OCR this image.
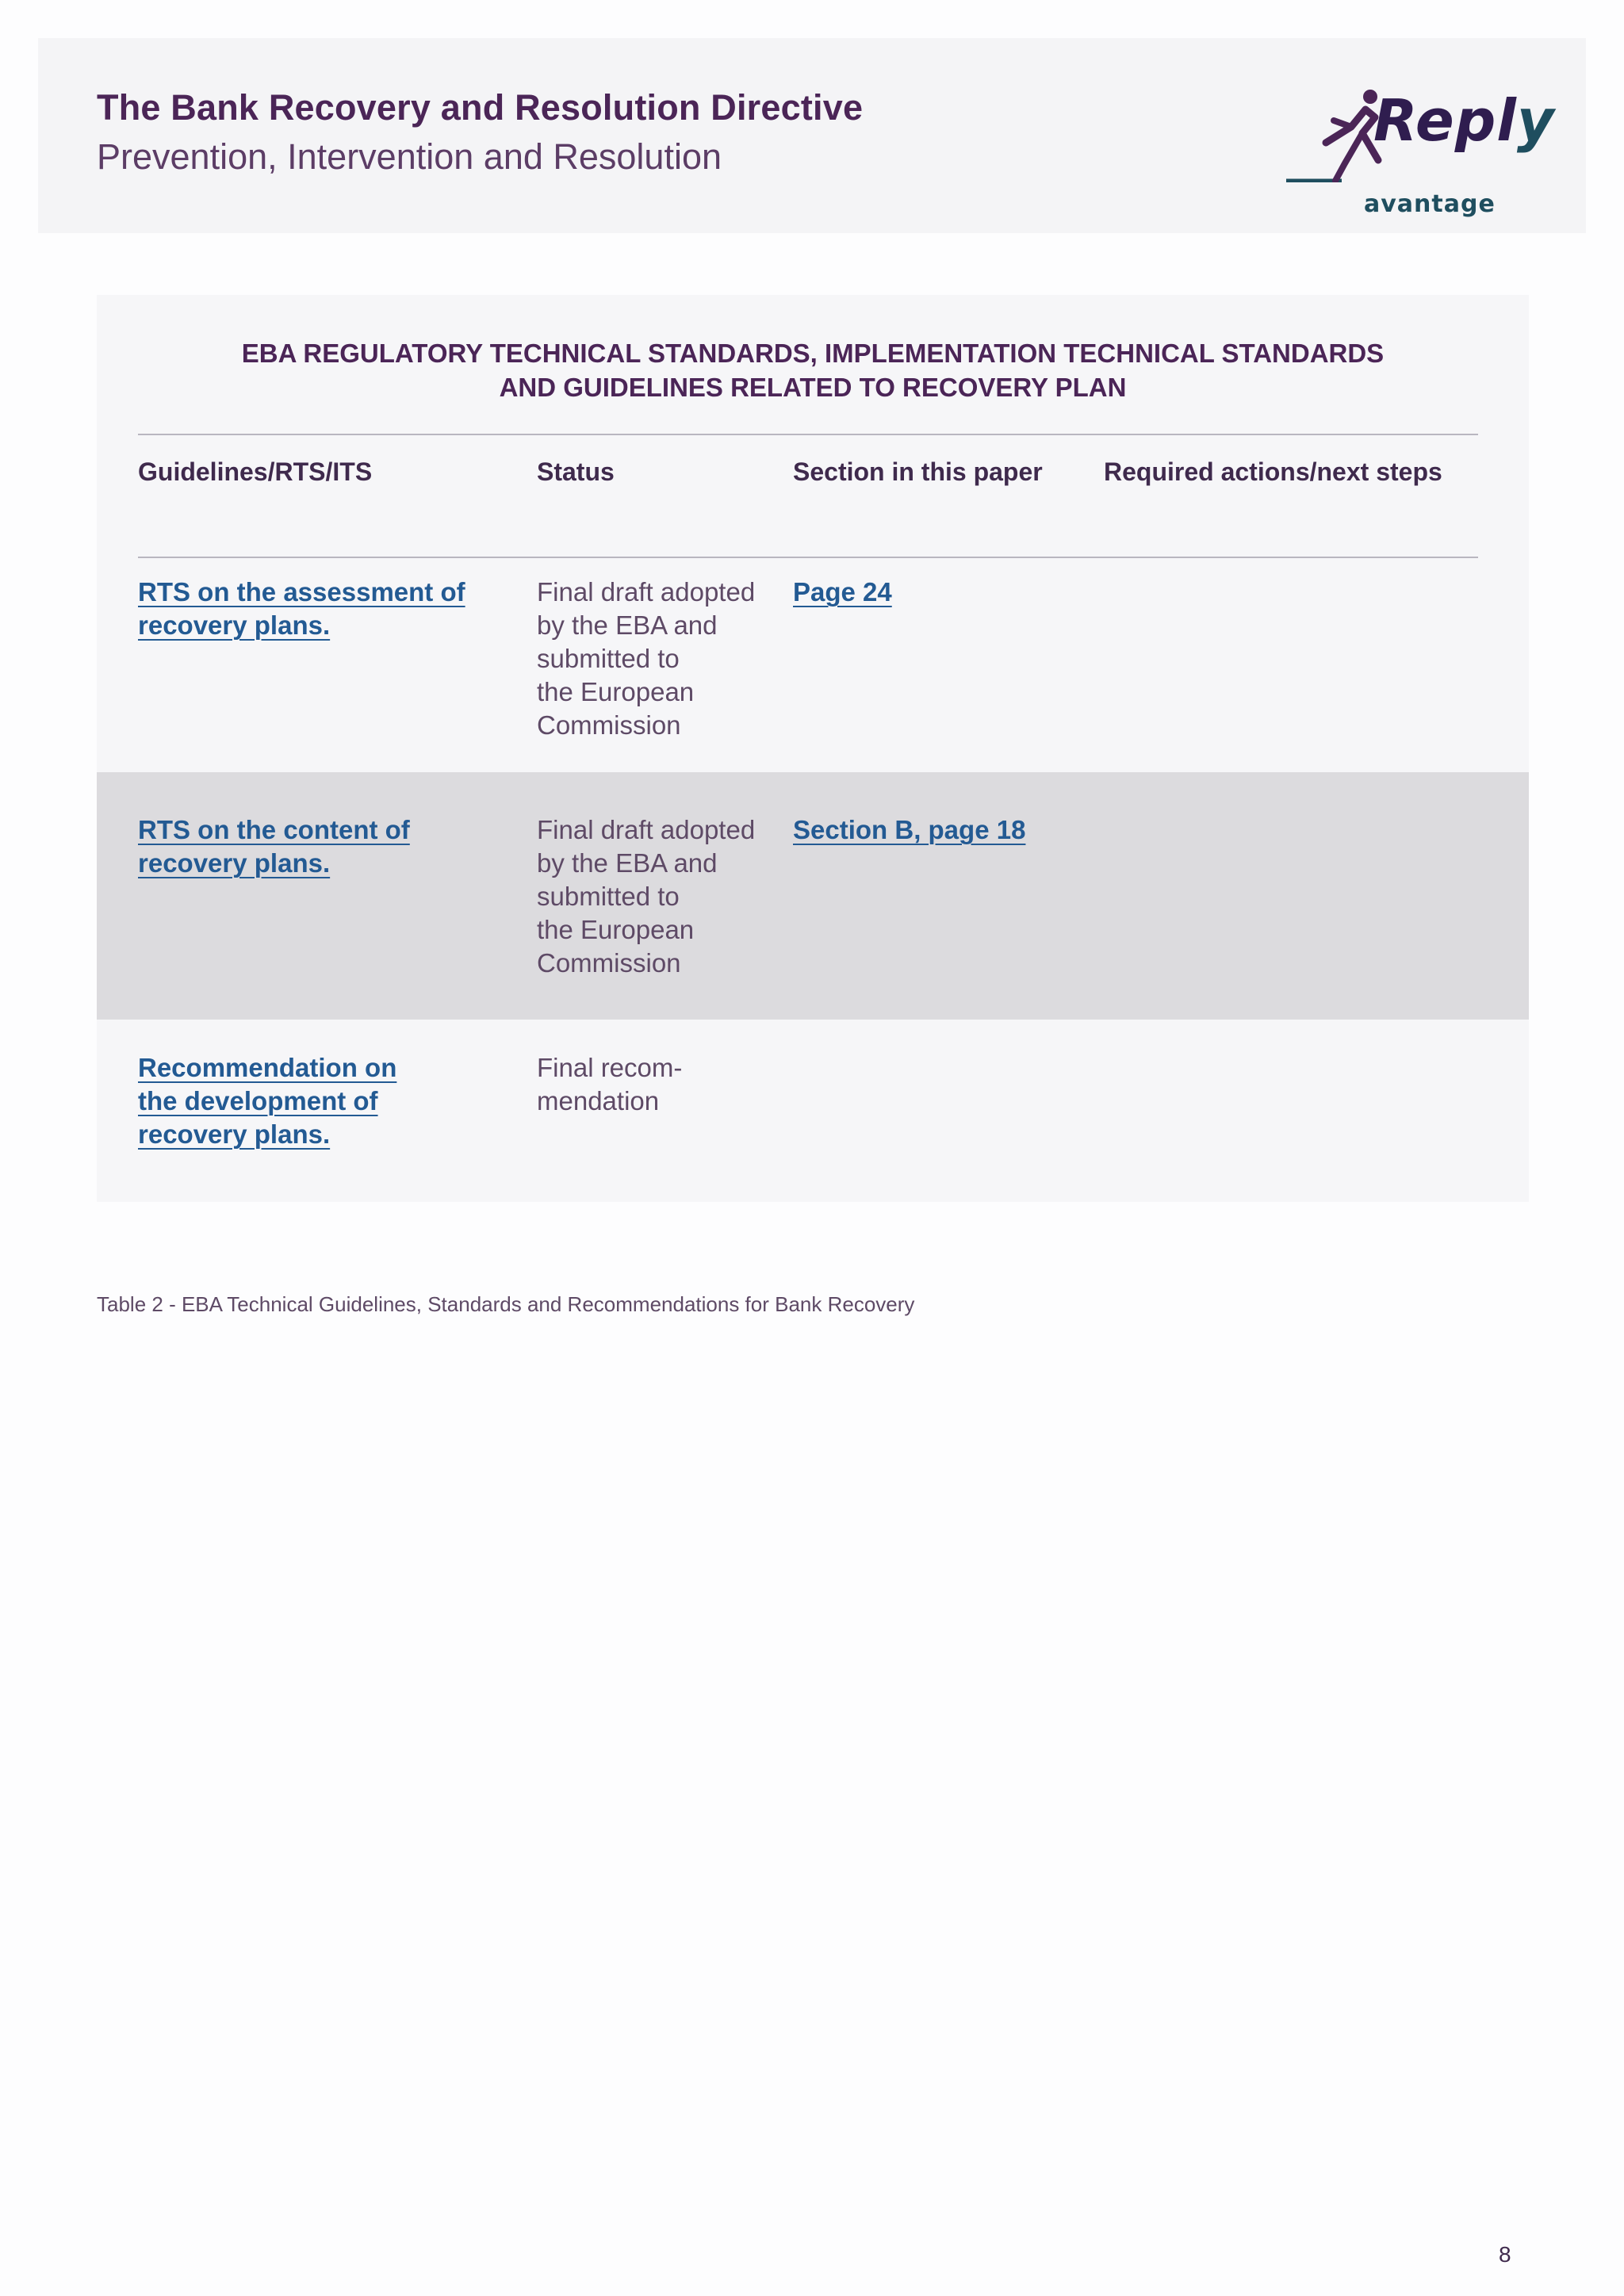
The Bank Recovery and Resolution Directive
Prevention, Intervention and Resolution
Reply
avantage
EBA REGULATORY TECHNICAL STANDARDS, IMPLEMENTATION TECHNICAL STANDARDS
AND GUIDELINES RELATED TO RECOVERY PLAN
Guidelines/RTS/ITS	Status	Section in this paper Required actions/next steps
RTS on the assessment of
recovery plans.
Final draft adopted
by the EBA and
submitted to
the European
Commission
Page 24
RTS on the content of
recovery plans.
Final draft adopted
by the EBA and
submitted to
the European
Commission
Section B, page 18
Recommendation on
the development of
recovery plans.
Final recom-
mendation
Table 2 - EBA Technical Guidelines, Standards and Recommendations for Bank Recovery
8
